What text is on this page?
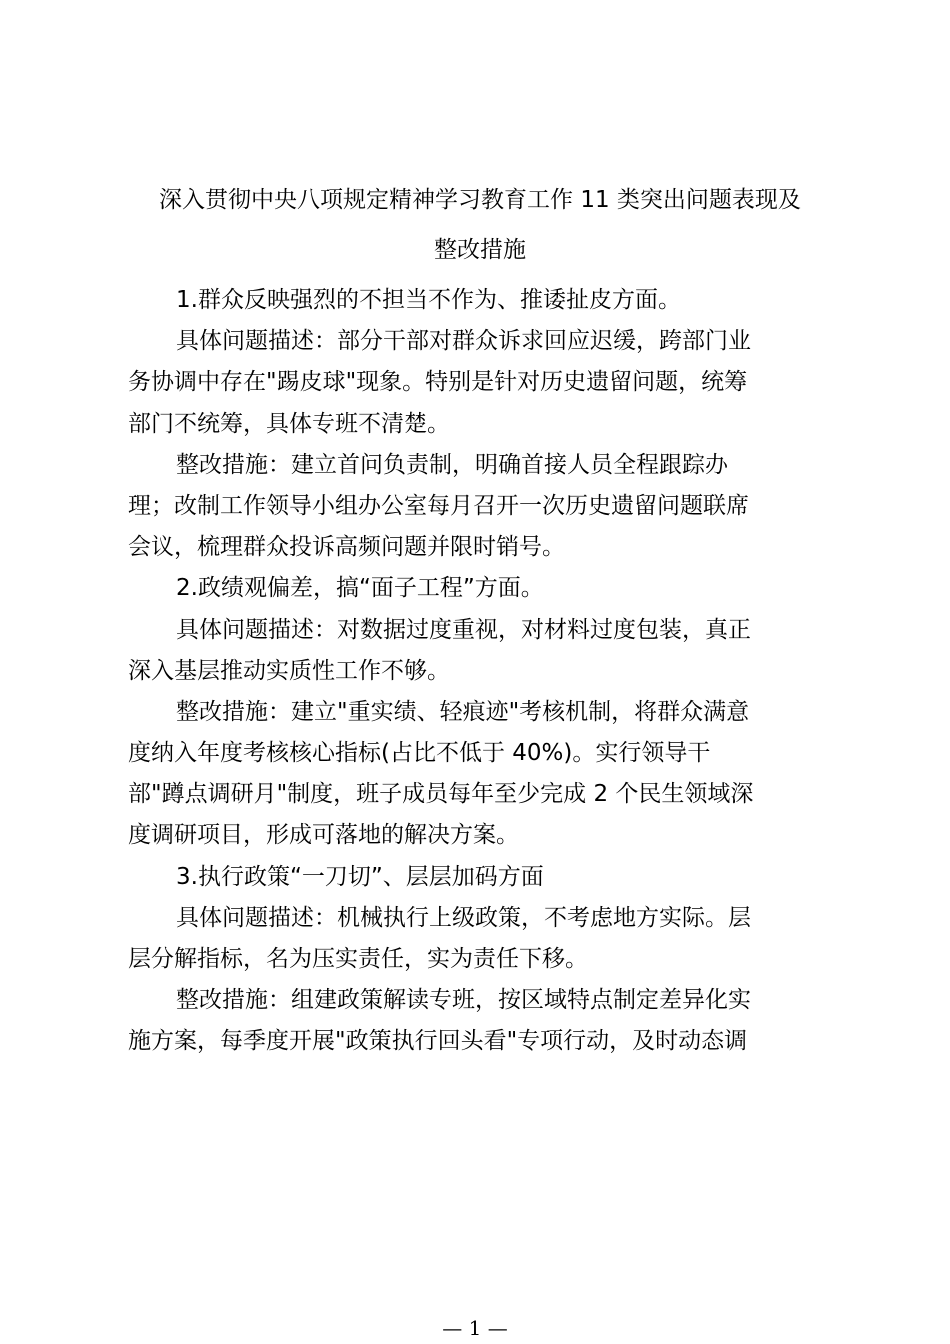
深入贯彻中央八项规定精神学习教育工作 11 类突出问题表现及
整改措施
1.群众反映强烈的不担当不作为、推诿扯皮方面。
具体问题描述：部分干部对群众诉求回应迟缓，跨部门业
务协调中存在"踢皮球"现象。特别是针对历史遗留问题，统筹
部门不统筹，具体专班不清楚。
整改措施：建立首问负责制，明确首接人员全程跟踪办
理；改制工作领导小组办公室每月召开一次历史遗留问题联席
会议，梳理群众投诉高频问题并限时销号。
2.政绩观偏差，搞“面子工程”方面。
具体问题描述：对数据过度重视，对材料过度包装，真正
深入基层推动实质性工作不够。
整改措施：建立"重实绩、轻痕迹"考核机制，将群众满意
度纳入年度考核核心指标(占比不低于 40%)。实行领导干
部"蹲点调研月"制度，班子成员每年至少完成 2 个民生领域深
度调研项目，形成可落地的解决方案。
3.执行政策“一刀切”、层层加码方面
具体问题描述：机械执行上级政策，不考虑地方实际。层
层分解指标，名为压实责任，实为责任下移。
整改措施：组建政策解读专班，按区域特点制定差异化实
施方案，每季度开展"政策执行回头看"专项行动，及时动态调
— 1 —
